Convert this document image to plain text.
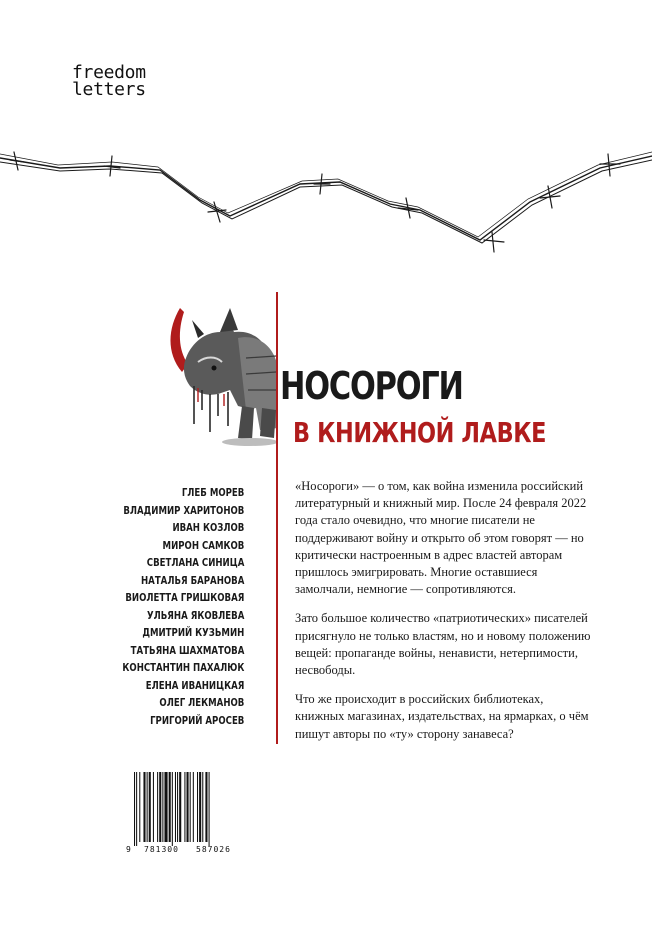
freedom
letters
НОСОРОГИ
В КНИЖНОЙ ЛАВКЕ
ГЛЕБ МОРЕВ
ВЛАДИМИР ХАРИТОНОВ
ИВАН КОЗЛОВ
МИРОН САМКОВ
СВЕТЛАНА СИНИЦА
НАТАЛЬЯ БАРАНОВА
ВИОЛЕТТА ГРИШКОВАЯ
УЛЬЯНА ЯКОВЛЕВА
ДМИТРИЙ КУЗЬМИН
ТАТЬЯНА ШАХМАТОВА
КОНСТАНТИН ПАХАЛЮК
ЕЛЕНА ИВАНИЦКАЯ
ОЛЕГ ЛЕКМАНОВ
ГРИГОРИЙ АРОСЕВ

«Носороги» — о том, как война изменила российский литературный и книжный мир. После 24 февраля 2022 года стало очевидно, что многие писатели не поддерживают войну и открыто об этом говорят — но критически настроенным в адрес властей авторам пришлось эмигрировать. Многие оставшиеся замолчали, немногие — сопротивляются.

Зато большое количество «патриотических» писателей присягнуло не только властям, но и новому положению вещей: пропаганде войны, ненависти, нетерпимости, несвободы.

Что же происходит в российских библиотеках, книжных магазинах, издательствах, на ярмарках, о чём пишут авторы по «ту» сторону занавеса?

9 781300 587026
